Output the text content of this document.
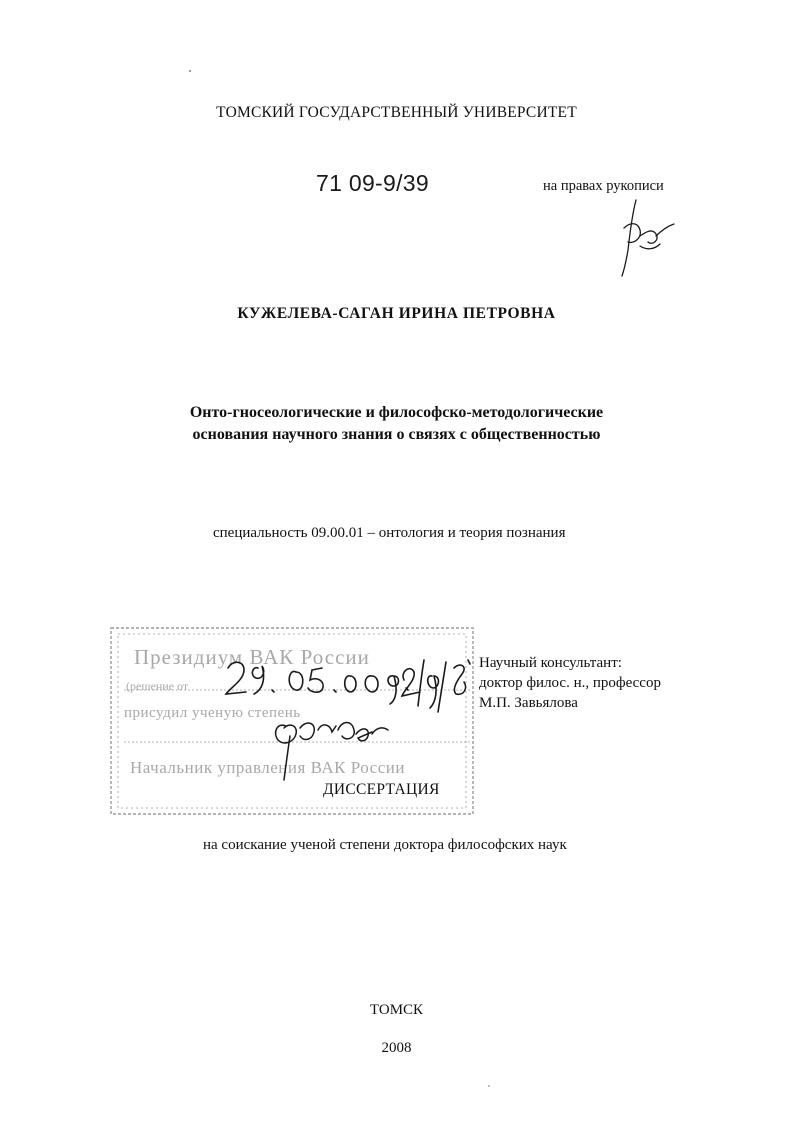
ТОМСКИЙ ГОСУДАРСТВЕННЫЙ УНИВЕРСИТЕТ
71 09-9/39	на правах рукописи
КУЖЕЛЕВА-САГАН ИРИНА ПЕТРОВНА
Онто-гносеологические и философско-методологические
основания научного знания о связях с общественностью
специальность 09.00.01 – онтология и теория познания
Научный консультант:
доктор филос. н., профессор
М.П. Завьялова
ДИССЕРТАЦИЯ
на соискание ученой степени доктора философских наук
ТОМСК
2008
Президиум ВАК России
(решение от
присудил ученую степень
Начальник управления ВАК России
